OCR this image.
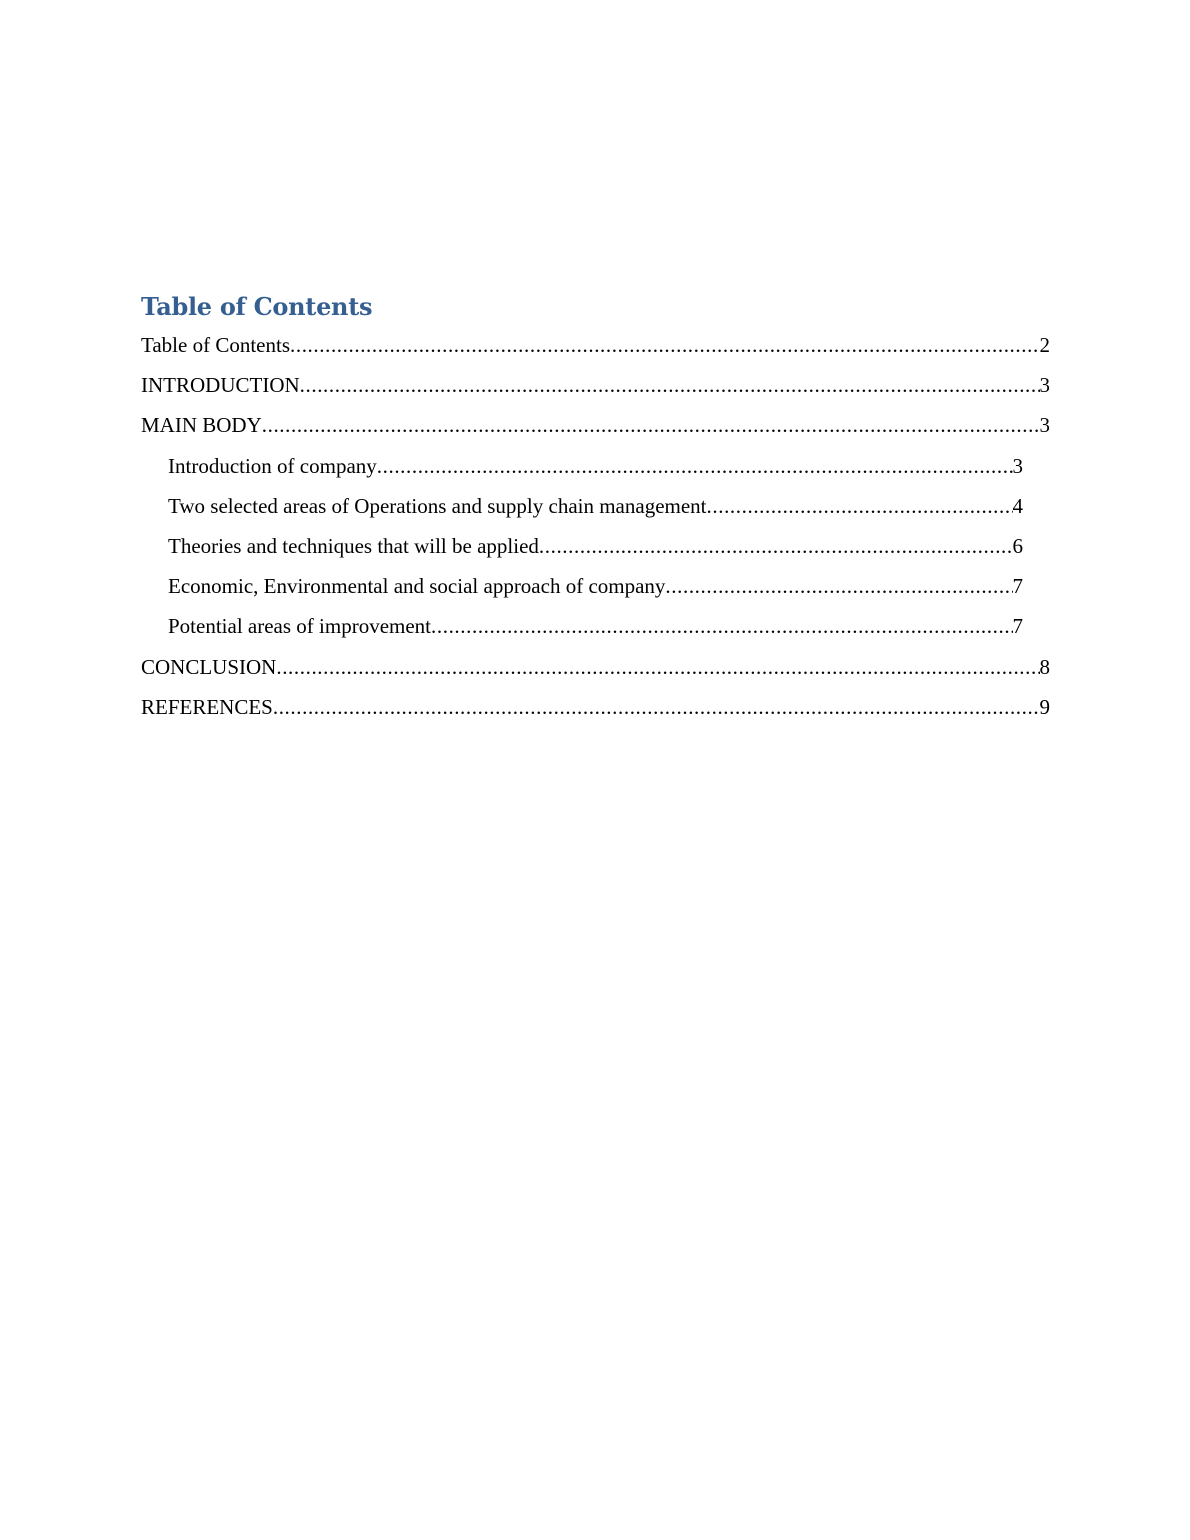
Table of Contents
Table of Contents .....	2
INTRODUCTION .....	3
MAIN BODY .....	3
Introduction of company .....	3
Two selected areas of Operations and supply chain management .....	4
Theories and techniques that will be applied .....	6
Economic, Environmental and social approach of company .....	7
Potential areas of improvement .....	7
CONCLUSION .....	8
REFERENCES .....	9
